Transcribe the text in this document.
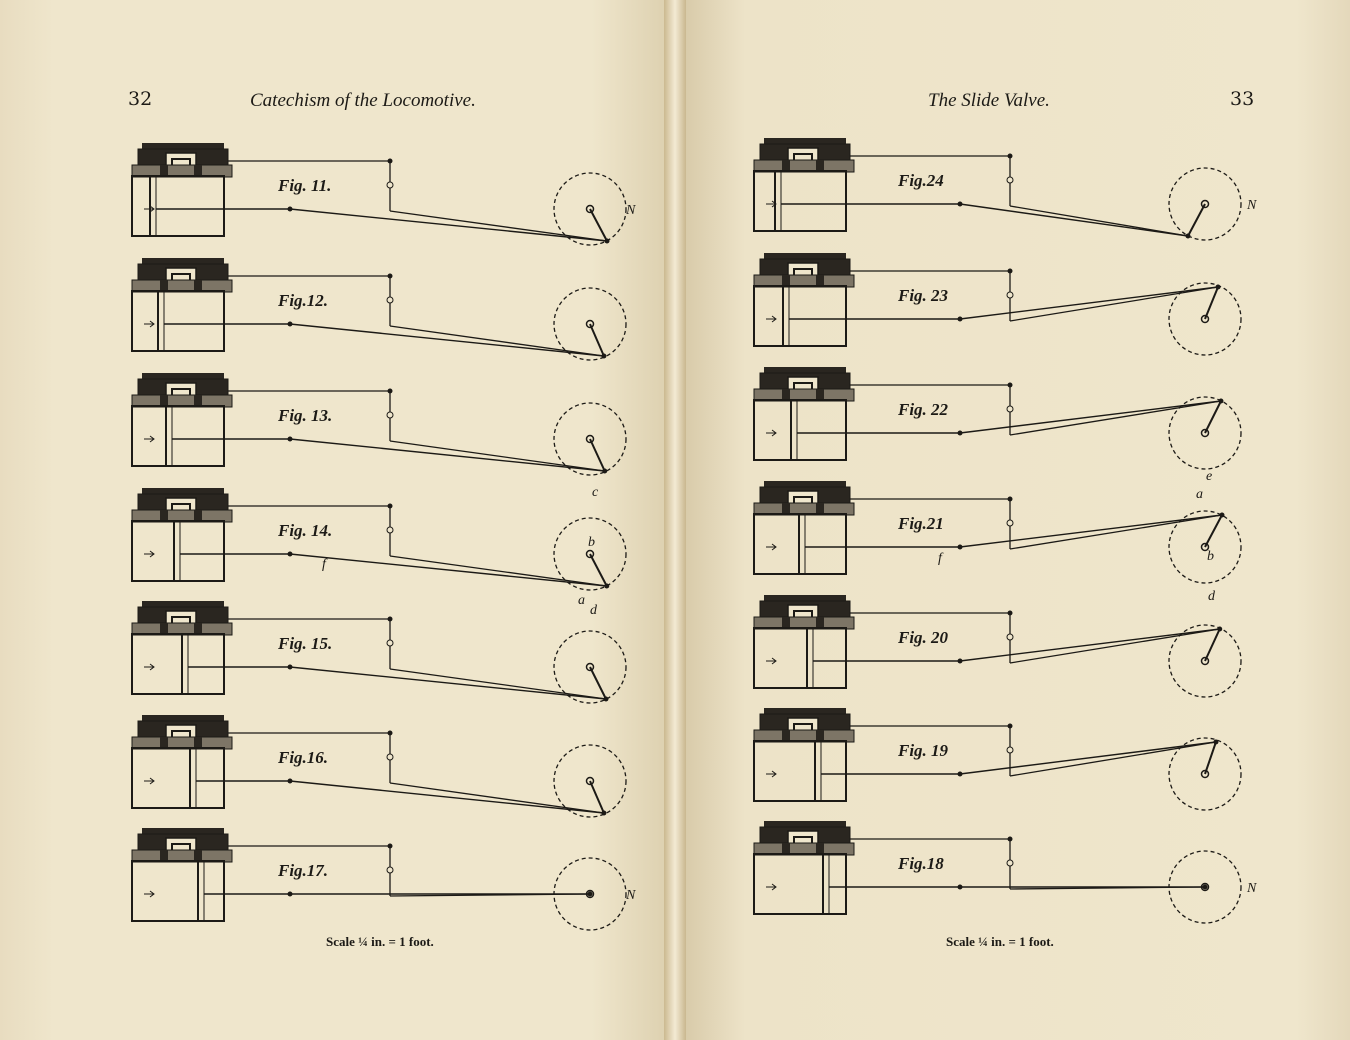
32	Catechism of the Locomotive.	The Slide Valve.	33
Scale ¼ in. = 1 foot.	Scale ¼ in. = 1 foot.
Fig. 11.
N
Fig.12.
Fig. 13.
Fig. 14.
Fig. 15.
Fig.16.
Fig.17.
N
Fig.24
N
Fig. 23
Fig. 22
Fig.21
Fig. 20
Fig. 19
Fig.18
N
c
b
a
d
f
e
a
b
d
f
